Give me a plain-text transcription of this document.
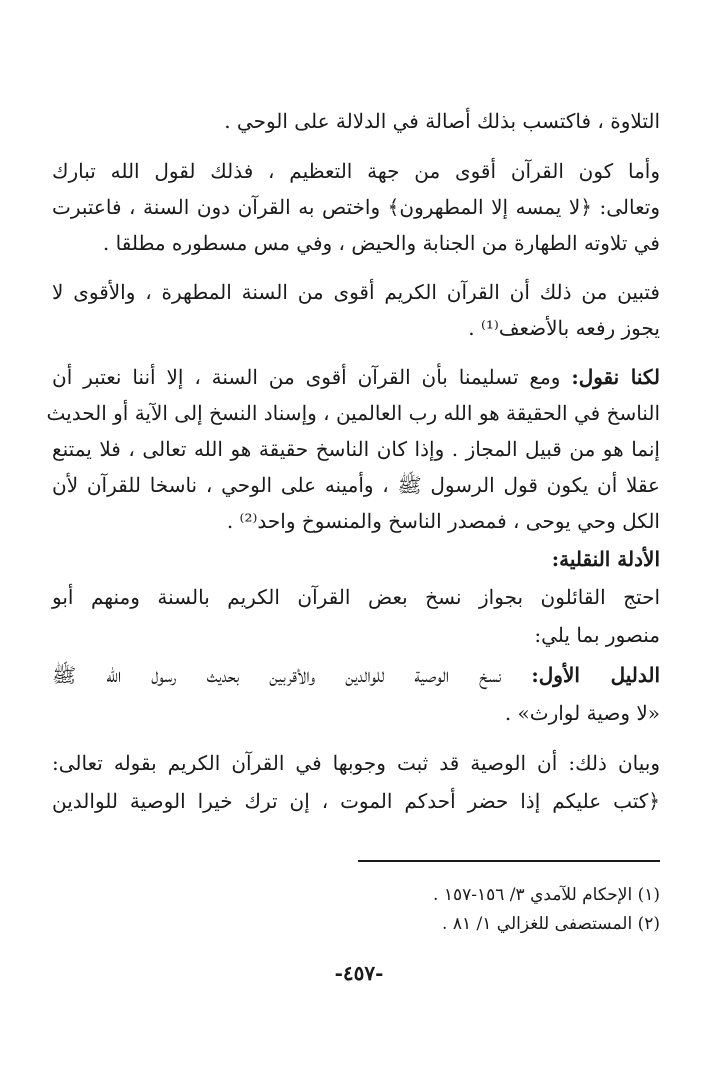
التلاوة ، فاكتسب بذلك أصالة في الدلالة على الوحي .
وأما كون القرآن أقوى من جهة التعظيم ، فذلك لقول الله تبارك
وتعالى: ﴿لا يمسه إلا المطهرون﴾ واختص به القرآن دون السنة ، فاعتبرت
في تلاوته الطهارة من الجنابة والحيض ، وفي مس مسطوره مطلقا .
فتبين من ذلك أن القرآن الكريم أقوى من السنة المطهرة ، والأقوى لا
يجوز رفعه بالأضعف⁽¹⁾ .
لكنا نقول: ومع تسليمنا بأن القرآن أقوى من السنة ، إلا أننا نعتبر أن
الناسخ في الحقيقة هو الله رب العالمين ، وإسناد النسخ إلى الآية أو الحديث
إنما هو من قبيل المجاز . وإذا كان الناسخ حقيقة هو الله تعالى ، فلا يمتنع
عقلا أن يكون قول الرسول ﷺ ، وأمينه على الوحي ، ناسخا للقرآن لأن
الكل وحي يوحى ، فمصدر الناسخ والمنسوخ واحد⁽²⁾ .
الأدلة النقلية:
احتج القائلون بجواز نسخ بعض القرآن الكريم بالسنة ومنهم أبو
منصور بما يلي:
الدليل الأول: نسخ الوصية للوالدين والأقربين بحديث رسول الله ﷺ
«لا وصية لوارث» .
وبيان ذلك: أن الوصية قد ثبت وجوبها في القرآن الكريم بقوله تعالى:
﴿كتب عليكم إذا حضر أحدكم الموت ، إن ترك خيرا الوصية للوالدين
(١) الإحكام للآمدي ٣/ ١٥٦-١٥٧ .
(٢) المستصفى للغزالي ١/ ٨١ .
-٤٥٧-
